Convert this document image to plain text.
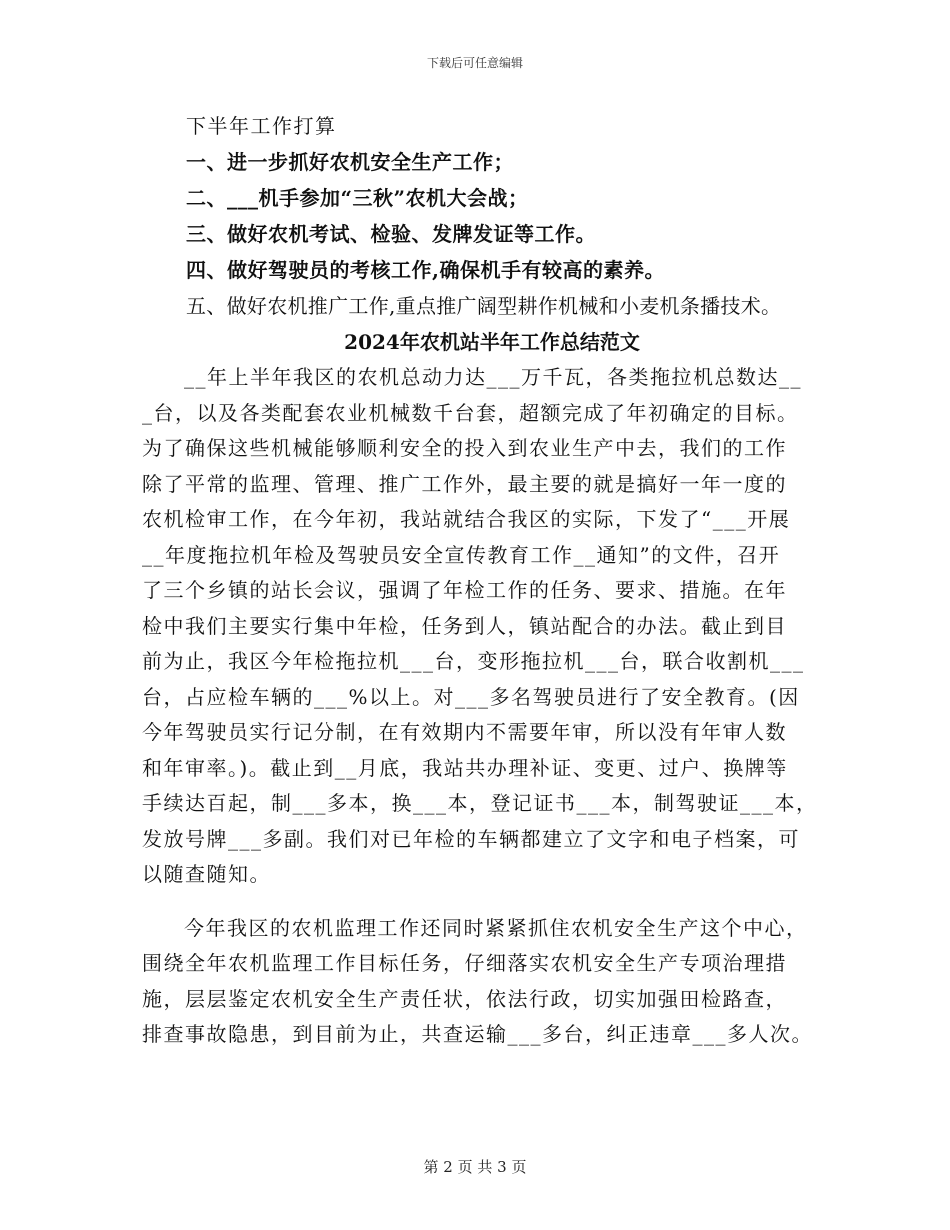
下载后可任意编辑
下半年工作打算
一、进一步抓好农机安全生产工作；
二、___机手参加“三秋”农机大会战；
三、做好农机考试、检验、发牌发证等工作。
四、做好驾驶员的考核工作,确保机手有较高的素养。
五、做好农机推广工作,重点推广阔型耕作机械和小麦机条播技术。
2024年农机站半年工作总结范文

__年上半年我区的农机总动力达___万千瓦，各类拖拉机总数达__
_台，以及各类配套农业机械数千台套，超额完成了年初确定的目标。
为了确保这些机械能够顺利安全的投入到农业生产中去，我们的工作
除了平常的监理、管理、推广工作外，最主要的就是搞好一年一度的
农机检审工作，在今年初，我站就结合我区的实际，下发了“___开展
__年度拖拉机年检及驾驶员安全宣传教育工作__通知”的文件，召开
了三个乡镇的站长会议，强调了年检工作的任务、要求、措施。在年
检中我们主要实行集中年检，任务到人，镇站配合的办法。截止到目
前为止，我区今年检拖拉机___台，变形拖拉机___台，联合收割机___
台，占应检车辆的___%以上。对___多名驾驶员进行了安全教育。(因
今年驾驶员实行记分制，在有效期内不需要年审，所以没有年审人数
和年审率。)。截止到__月底，我站共办理补证、变更、过户、换牌等
手续达百起，制___多本，换___本，登记证书___本，制驾驶证___本，
发放号牌___多副。我们对已年检的车辆都建立了文字和电子档案，可
以随查随知。

今年我区的农机监理工作还同时紧紧抓住农机安全生产这个中心，
围绕全年农机监理工作目标任务，仔细落实农机安全生产专项治理措
施，层层鉴定农机安全生产责任状，依法行政，切实加强田检路查，
排查事故隐患，到目前为止，共查运输___多台，纠正违章___多人次。

第 2 页 共 3 页
